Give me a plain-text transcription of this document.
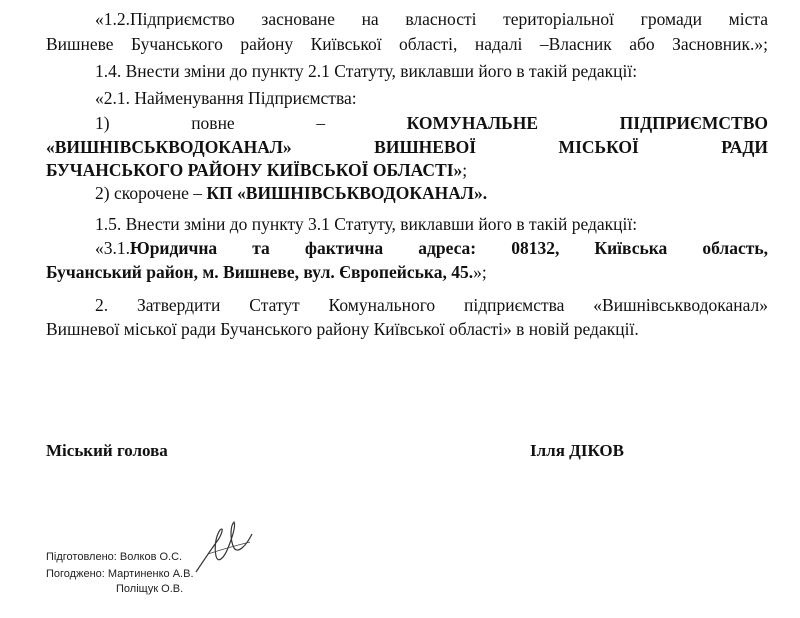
«1.2.Підприємство засноване на власності територіальної громади міста
Вишневе Бучанського району Київської області, надалі –Власник або Засновник.»;
1.4. Внести зміни до пункту 2.1 Статуту, виклавши його в такій редакції:
«2.1. Найменування Підприємства:
1)	повне	–	КОМУНАЛЬНЕ	ПІДПРИЄМСТВО
«ВИШНІВСЬКВОДОКАНАЛ»	ВИШНЕВОЇ	МІСЬКОЇ	РАДИ
БУЧАНСЬКОГО РАЙОНУ КИЇВСЬКОЇ ОБЛАСТІ»;
2) скорочене – КП «ВИШНІВСЬКВОДОКАНАЛ».
1.5. Внести зміни до пункту 3.1 Статуту, виклавши його в такій редакції:
«3.1.Юридична та фактична адреса: 08132, Київська область,
Бучанський район, м. Вишневе, вул. Європейська, 45.»;
2. Затвердити Статут Комунального підприємства «Вишнівськводоканал»
Вишневої міської ради Бучанського району Київської області» в новій редакції.
Міський голова	Ілля ДІКОВ
Підготовлено: Волков О.С.
Погоджено: Мартиненко А.В.
Поліщук О.В.
